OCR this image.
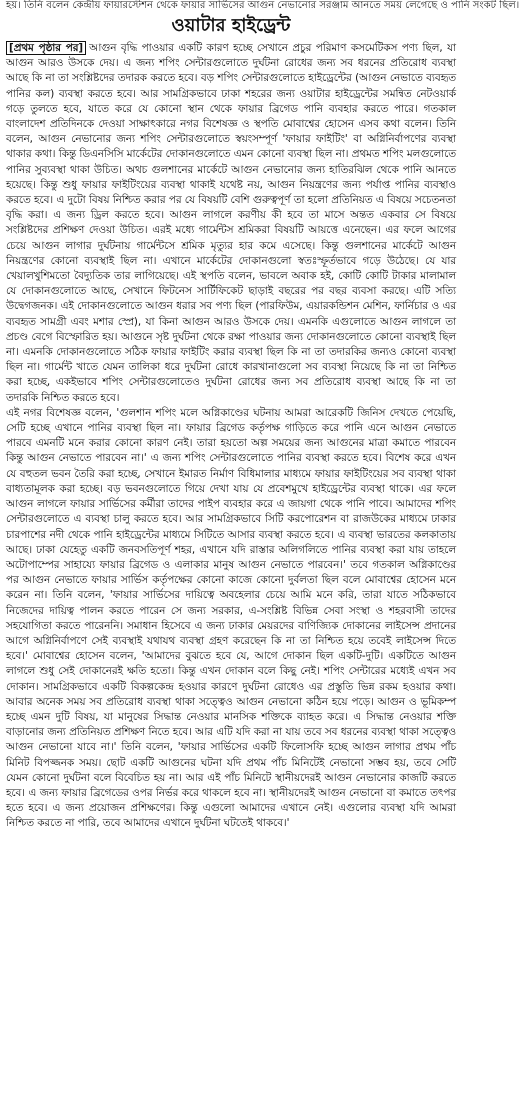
হয়। তিনি বলেন কেন্দ্রীয় ফায়ারস্টেশন থেকে ফায়ার সার্ভিসের আগুন নেভানোর সরঞ্জাম আনতে সময় লেগেছে ও পানি সংকট ছিল।
ওয়াটার হাইড্রেন্ট

[প্রথম পৃষ্ঠার পর] আগুন বৃদ্ধি পাওয়ার একটি কারণ হচ্ছে সেখানে প্রচুর পরিমাণ কসমেটিকস পণ্য ছিল, যা আগুন আরও উসকে দেয়। এ জন্য শপিং সেন্টারগুলোতে দুর্ঘটনা রোধের জন্য সব ধরনের প্রতিরোধ ব্যবস্থা আছে কি না তা সংশ্লিষ্টদের তদারক করতে হবে। বড় শপিং সেন্টারগুলোতে হাইড্রেন্টের (আগুন নেভাতে ব্যবহৃত পানির কল) ব্যবস্থা করতে হবে। আর সামগ্রিকভাবে ঢাকা শহরের জন্য ওয়াটার হাইড্রেন্টের সমন্বিত নেটওয়ার্ক গড়ে তুলতে হবে, যাতে করে যে কোনো স্থান থেকে ফায়ার ব্রিগেড পানি ব্যবহার করতে পারে। গতকাল বাংলাদেশ প্রতিদিনকে দেওয়া সাক্ষাৎকারে নগর বিশেষজ্ঞ ও স্থপতি মোবাশ্বের হোসেন এসব কথা বলেন। তিনি বলেন, আগুন নেভানোর জন্য শপিং সেন্টারগুলোতে স্বয়ংসম্পূর্ণ 'ফায়ার ফাইটিং' বা অগ্নিনির্বাপণের ব্যবস্থা থাকার কথা। কিন্তু ডিএনসিসি মার্কেটের দোকানগুলোতে এমন কোনো ব্যবস্থা ছিল না। প্রথমত শপিং মলগুলোতে পানির সুব্যবস্থা থাকা উচিত। অথচ গুলশানের মার্কেটে আগুন নেভানোর জন্য হাতিরঝিল থেকে পানি আনতে হয়েছে। কিন্তু শুধু ফায়ার ফাইটিংয়ের ব্যবস্থা থাকাই যথেষ্ট নয়, আগুন নিয়ন্ত্রণের জন্য পর্যাপ্ত পানির ব্যবস্থাও করতে হবে। এ দুটো বিষয় নিশ্চিত করার পর যে বিষয়টি বেশি গুরুত্বপূর্ণ তা হলো প্রতিনিয়ত এ বিষয়ে সচেতনতা বৃদ্ধি করা। এ জন্য ড্রিল করতে হবে। আগুন লাগলে করণীয় কী হবে তা মাসে অন্তত একবার সে বিষয়ে সংশ্লিষ্টদের প্রশিক্ষণ দেওয়া উচিত। এরই মধ্যে গার্মেন্টস শ্রমিকরা বিষয়টি আয়ত্তে এনেছেন। এর ফলে আগের চেয়ে আগুন লাগার দুর্ঘটনায় গার্মেন্টসে শ্রমিক মৃত্যুর হার কমে এসেছে। কিন্তু গুলশানের মার্কেটে আগুন নিয়ন্ত্রণের কোনো ব্যবস্থাই ছিল না। এখানে মার্কেটের দোকানগুলো স্বতঃস্ফূর্তভাবে গড়ে উঠেছে। যে যার খেয়ালখুশিমতো বৈদ্যুতিক তার লাগিয়েছে। এই স্থপতি বলেন, ভাবলে অবাক হই, কোটি কোটি টাকার মালামাল যে দোকানগুলোতে আছে, সেখানে ফিটনেস সার্টিফিকেট ছাড়াই বছরের পর বছর ব্যবসা করছে। এটি সত্যি উদ্বেগজনক। এই দোকানগুলোতে আগুন ধরার সব পণ্য ছিল (পারফিউম, এয়ারকন্ডিশন মেশিন, ফার্নিচার ও এর ব্যবহৃত সামগ্রী এবং মশার স্প্রে), যা কিনা আগুন আরও উসকে দেয়। এমনকি এগুলোতে আগুন লাগলে তা প্রচণ্ড বেগে বিস্ফোরিত হয়। আগুনে সৃষ্ট দুর্ঘটনা থেকে রক্ষা পাওয়ার জন্য দোকানগুলোতে কোনো ব্যবস্থাই ছিল না। এমনকি দোকানগুলোতে সঠিক ফায়ার ফাইটিং করার ব্যবস্থা ছিল কি না তা তদারকির জন্যও কোনো ব্যবস্থা ছিল না। গার্মেন্ট খাতে যেমন তালিকা ধরে দুর্ঘটনা রোধে কারখানাগুলো সব ব্যবস্থা নিয়েছে কি না তা নিশ্চিত করা হচ্ছে, একইভাবে শপিং সেন্টারগুলোতেও দুর্ঘটনা রোধের জন্য সব প্রতিরোধ ব্যবস্থা আছে কি না তা তদারকি নিশ্চিত করতে হবে।

এই নগর বিশেষজ্ঞ বলেন, 'গুলশান শপিং মলে অগ্নিকাণ্ডের ঘটনায় আমরা আরেকটি জিনিস দেখতে পেয়েছি, সেটি হচ্ছে এখানে পানির ব্যবস্থা ছিল না। ফায়ার ব্রিগেড কর্তৃপক্ষ গাড়িতে করে পানি এনে আগুন নেভাতে পারবে এমনটি মনে করার কোনো কারণ নেই। তারা হয়তো অল্প সময়ের জন্য আগুনের মাত্রা কমাতে পারবেন কিন্তু আগুন নেভাতে পারবেন না।' এ জন্য শপিং সেন্টারগুলোতে পানির ব্যবস্থা করতে হবে। বিশেষ করে এখন যে বহুতল ভবন তৈরি করা হচ্ছে, সেখানে ইমারত নির্মাণ বিধিমালার মাধ্যমে ফায়ার ফাইটিংয়ের সব ব্যবস্থা থাকা বাধ্যতামূলক করা হচ্ছে। বড় ভবনগুলোতে গিয়ে দেখা যায় যে প্রবেশমুখে হাইড্রেন্টের ব্যবস্থা থাকে। এর ফলে আগুন লাগলে ফায়ার সার্ভিসের কর্মীরা তাদের পাইপ ব্যবহার করে এ জায়গা থেকে পানি পাবে। আমাদের শপিং সেন্টারগুলোতে এ ব্যবস্থা চালু করতে হবে। আর সামগ্রিকভাবে সিটি করপোরেশন বা রাজউকের মাধ্যমে ঢাকার চারপাশের নদী থেকে পানি হাইড্রেন্টের মাধ্যমে সিটিতে আসার ব্যবস্থা করতে হবে। এ ব্যবস্থা ভারতের কলকাতায় আছে। ঢাকা যেহেতু একটি জনবসতিপূর্ণ শহর, এখানে যদি রাস্তার অলিগলিতে পানির ব্যবস্থা করা যায় তাহলে অটোপাম্পের সাহায্যে ফায়ার ব্রিগেড ও এলাকার মানুষ আগুন নেভাতে পারবেন।' তবে গতকাল অগ্নিকাণ্ডের পর আগুন নেভাতে ফায়ার সার্ভিস কর্তৃপক্ষের কোনো কাজে কোনো দুর্বলতা ছিল বলে মোবাশ্বের হোসেন মনে করেন না। তিনি বলেন, 'ফায়ার সার্ভিসের দায়িত্বে অবহেলার চেয়ে আমি মনে করি, তারা যাতে সঠিকভাবে নিজেদের দায়িত্ব পালন করতে পারেন সে জন্য সরকার, এ-সংশ্লিষ্ট বিভিন্ন সেবা সংস্থা ও শহরবাসী তাদের সহযোগিতা করতে পারেননি। সমাধান হিসেবে এ জন্য ঢাকার মেয়রদের বাণিজ্যিক দোকানের লাইসেন্স প্রদানের আগে অগ্নিনির্বাপণে সেই ব্যবস্থাই যথাযথ ব্যবস্থা গ্রহণ করেছেন কি না তা নিশ্চিত হয়ে তবেই লাইসেন্স দিতে হবে।' মোবাশ্বের হোসেন বলেন, 'আমাদের বুঝতে হবে যে, আগে দোকান ছিল একটি-দুটি। একটিতে আগুন লাগলে শুধু সেই দোকানেরই ক্ষতি হতো। কিন্তু এখন দোকান বলে কিছু নেই। শপিং সেন্টারের মধ্যেই এখন সব দোকান। সামগ্রিকভাবে একটি বিকল্পকেন্দ্র হওয়ার কারণে দুর্ঘটনা রোধেও এর প্রস্তুতি ভিন্ন রকম হওয়ার কথা। আবার অনেক সময় সব প্রতিরোধ ব্যবস্থা থাকা সত্ত্বেও আগুন নেভানো কঠিন হয়ে পড়ে। আগুন ও ভূমিকম্প হচ্ছে এমন দুটি বিষয়, যা মানুষের সিদ্ধান্ত নেওয়ার মানসিক শক্তিকে ব্যাহত করে। এ সিদ্ধান্ত নেওয়ার শক্তি বাড়ানোর জন্য প্রতিনিয়ত প্রশিক্ষণ নিতে হবে। আর এটি যদি করা না যায় তবে সব ধরনের ব্যবস্থা থাকা সত্ত্বেও আগুন নেভানো যাবে না।' তিনি বলেন, 'ফায়ার সার্ভিসের একটি ফিলোসফি হচ্ছে আগুন লাগার প্রথম পাঁচ মিনিট বিপজ্জনক সময়। ছোট একটি আগুনের ঘটনা যদি প্রথম পাঁচ মিনিটেই নেভানো সম্ভব হয়, তবে সেটি যেমন কোনো দুর্ঘটনা বলে বিবেচিত হয় না। আর এই পাঁচ মিনিটে স্থানীয়দেরই আগুন নেভানোর কাজটি করতে হবে। এ জন্য ফায়ার ব্রিগেডের ওপর নির্ভর করে থাকলে হবে না। স্থানীয়দেরই আগুন নেভানো বা কমাতে তৎপর হতে হবে। এ জন্য প্রয়োজন প্রশিক্ষণের। কিন্তু এগুলো আমাদের এখানে নেই। এগুলোর ব্যবস্থা যদি আমরা নিশ্চিত করতে না পারি, তবে আমাদের এখানে দুর্ঘটনা ঘটতেই থাকবে।'
